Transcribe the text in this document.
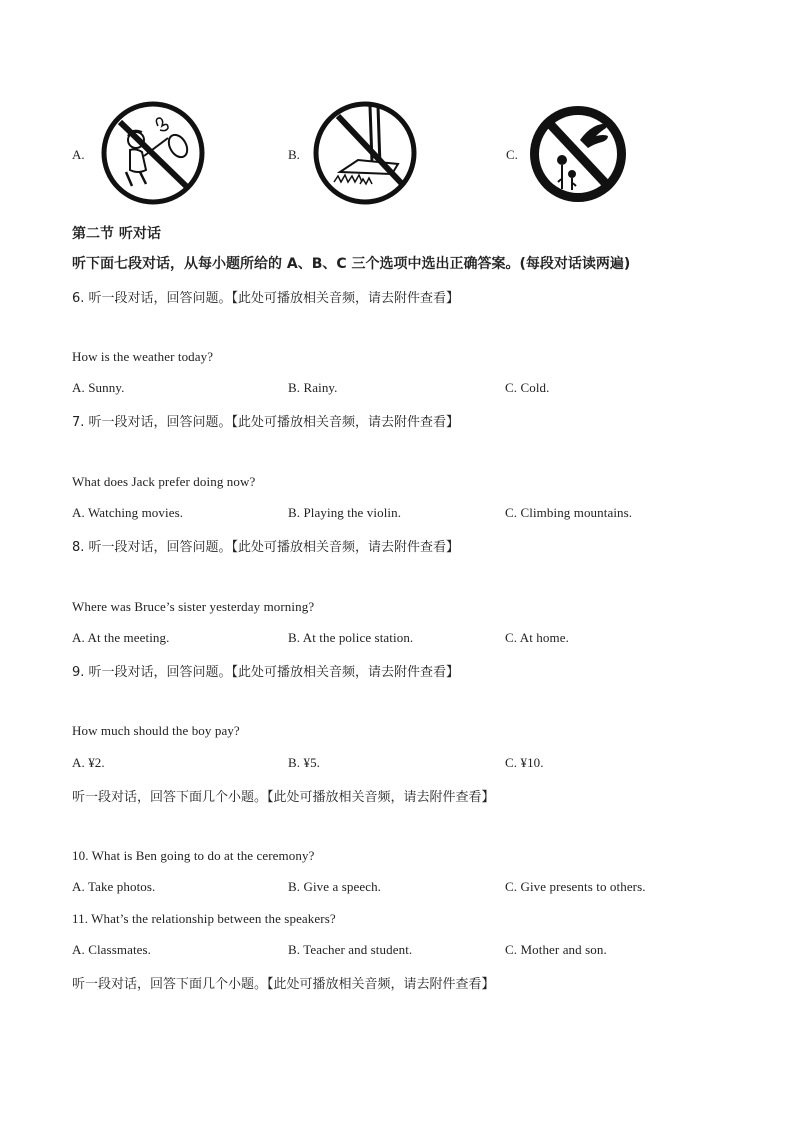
A.	B.	C.
第二节 听对话
听下面七段对话，从每小题所给的 A、B、C 三个选项中选出正确答案。(每段对话读两遍)
6. 听一段对话，回答问题。【此处可播放相关音频，请去附件查看】
How is the weather today?
A. Sunny.	B. Rainy.	C. Cold.
7. 听一段对话，回答问题。【此处可播放相关音频，请去附件查看】
What does Jack prefer doing now?
A. Watching movies.	B. Playing the violin.	C. Climbing mountains.
8. 听一段对话，回答问题。【此处可播放相关音频，请去附件查看】
Where was Bruce’s sister yesterday morning?
A. At the meeting.	B. At the police station.	C. At home.
9. 听一段对话，回答问题。【此处可播放相关音频，请去附件查看】
How much should the boy pay?
A. ¥2.	B. ¥5.	C. ¥10.
听一段对话，回答下面几个小题。【此处可播放相关音频，请去附件查看】
10. What is Ben going to do at the ceremony?
A. Take photos.	B. Give a speech.	C. Give presents to others.
11. What’s the relationship between the speakers?
A. Classmates.	B. Teacher and student.	C. Mother and son.
听一段对话，回答下面几个小题。【此处可播放相关音频，请去附件查看】
